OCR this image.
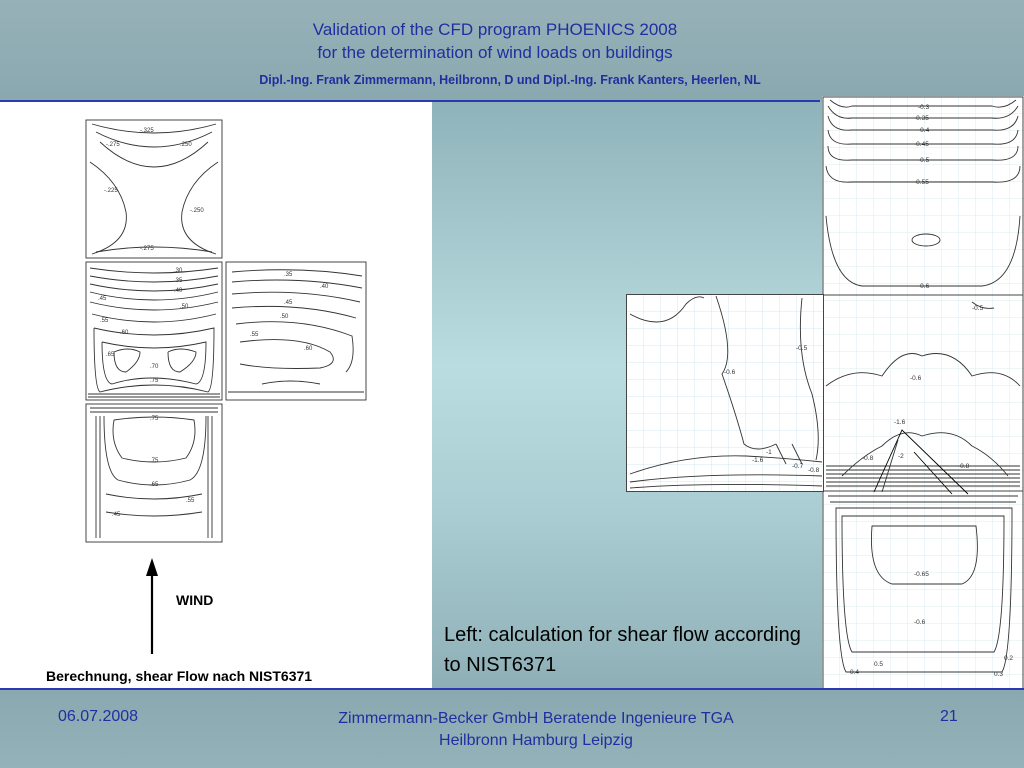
Validation of the CFD program PHOENICS 2008
for the determination of wind loads on buildings
Dipl.-Ing. Frank Zimmermann, Heilbronn, D und Dipl.-Ing. Frank Kanters, Heerlen, NL
WIND
-.325
-.275	-.250
-.225
-.250
-.275
.30
.35
.40
.45
.50
.55
.60
.65
.70
.75
.35
.40
.45
.50
.55
.60
.75
.75
.65
.55
.45
Berechnung, shear Flow nach NIST6371
-0.3
-0.35
-0.4
-0.45
-0.5
-0.55
-0.6
-0.5
-0.6
-1.6
-2
-0.8
-0.8
-0.65
-0.6
0.5
0.4
0.2
0.3
-0.6
-0.5
-1
-1.6
-0.7
-0.8
Left: calculation for shear flow according to NIST6371
06.07.2008	Zimmermann-Becker GmbH Beratende Ingenieure TGA
Heilbronn Hamburg Leipzig
21
